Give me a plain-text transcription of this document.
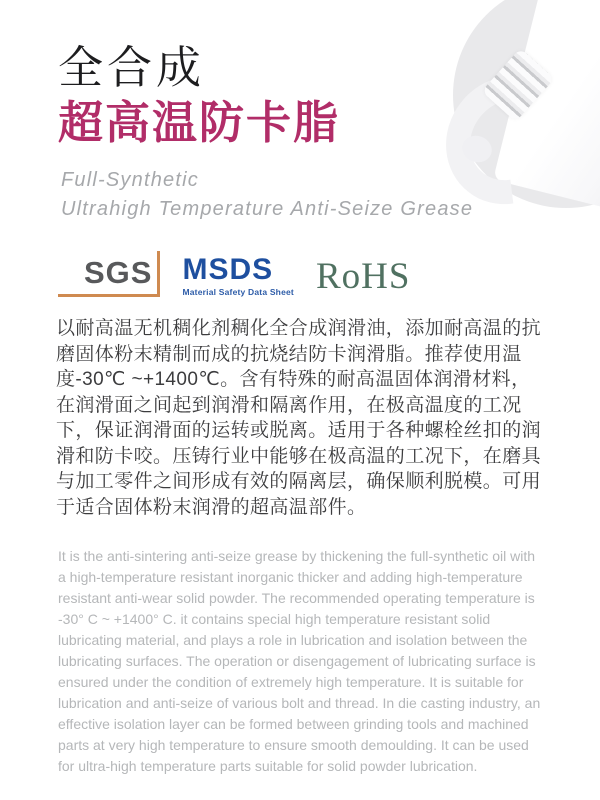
全合成
超高温防卡脂
Full-Synthetic
Ultrahigh Temperature Anti-Seize Grease
SGS MSDS
Material Safety Data Sheet RoHS

以耐高温无机稠化剂稠化全合成润滑油，添加耐高温的抗磨固体粉末精制而成的抗烧结防卡润滑脂。推荐使用温度-30℃ ~+1400℃。含有特殊的耐高温固体润滑材料，在润滑面之间起到润滑和隔离作用，在极高温度的工况下，保证润滑面的运转或脱离。适用于各种螺栓丝扣的润滑和防卡咬。压铸行业中能够在极高温的工况下，在磨具与加工零件之间形成有效的隔离层，确保顺利脱模。可用于适合固体粉末润滑的超高温部件。

It is the anti-sintering anti-seize grease by thickening the full-synthetic oil with a high-temperature resistant inorganic thicker and adding high-temperature resistant anti-wear solid powder. The recommended operating temperature is -30° C ~ +1400° C. it contains special high temperature resistant solid lubricating material, and plays a role in lubrication and isolation between the lubricating surfaces. The operation or disengagement of lubricating surface is ensured under the condition of extremely high temperature. It is suitable for lubrication and anti-seize of various bolt and thread. In die casting industry, an effective isolation layer can be formed between grinding tools and machined parts at very high temperature to ensure smooth demoulding. It can be used for ultra-high temperature parts suitable for solid powder lubrication.
